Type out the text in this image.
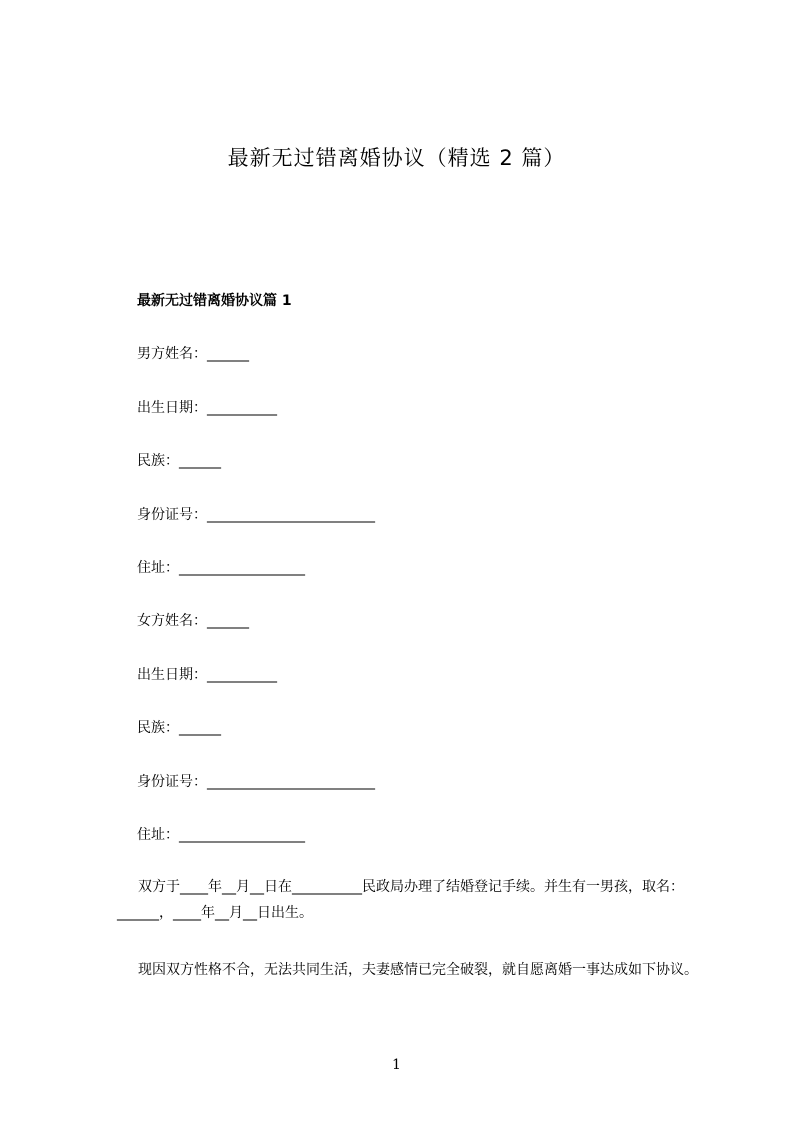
最新无过错离婚协议（精选 2 篇）
最新无过错离婚协议篇 1
男方姓名：______
出生日期：__________
民族：______
身份证号：________________________
住址：__________________
女方姓名：______
出生日期：__________
民族：______
身份证号：________________________
住址：__________________
双方于____年__月__日在__________民政局办理了结婚登记手续。并生有一男孩，取名：______，____年__月__日出生。
现因双方性格不合，无法共同生活，夫妻感情已完全破裂，就自愿离婚一事达成如下协议。
1
